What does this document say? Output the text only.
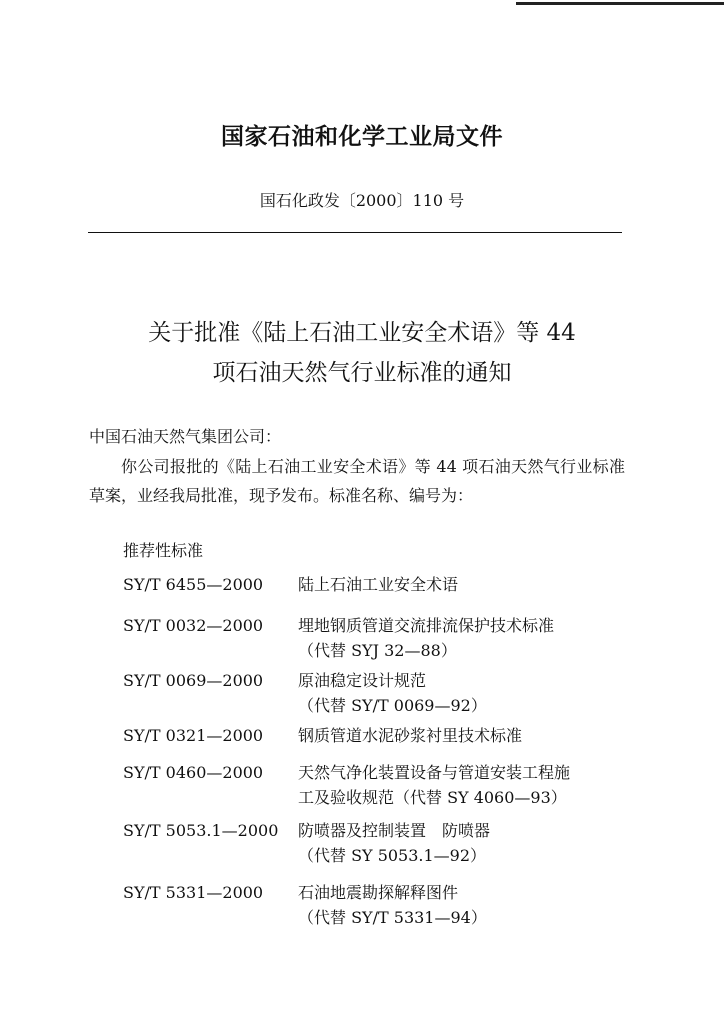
国家石油和化学工业局文件
国石化政发〔2000〕110 号
关于批准《陆上石油工业安全术语》等 44
项石油天然气行业标准的通知
中国石油天然气集团公司：
你公司报批的《陆上石油工业安全术语》等 44 项石油天然气行业标准草案，业经我局批准，现予发布。标准名称、编号为：
推荐性标准
SY/T 6455—2000	陆上石油工业安全术语
SY/T 0032—2000	埋地钢质管道交流排流保护技术标准
（代替 SYJ 32—88）
SY/T 0069—2000	原油稳定设计规范
（代替 SY/T 0069—92）
SY/T 0321—2000	钢质管道水泥砂浆衬里技术标准
SY/T 0460—2000	天然气净化装置设备与管道安装工程施
工及验收规范（代替 SY 4060—93）
SY/T 5053.1—2000	防喷器及控制装置　防喷器
（代替 SY 5053.1—92）
SY/T 5331—2000	石油地震勘探解释图件
（代替 SY/T 5331—94）
